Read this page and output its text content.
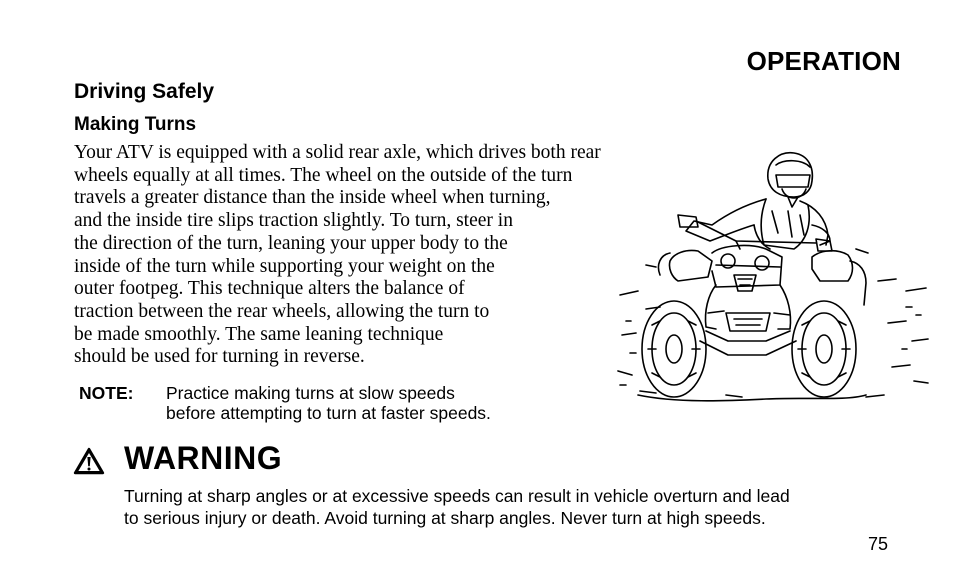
OPERATION
Driving Safely
Making Turns
Your ATV is equipped with a solid rear axle, which drives both rear
wheels equally at all times. The wheel on the outside of the turn
travels a greater distance than the inside wheel when turning,
and the inside tire slips traction slightly. To turn, steer in
the direction of the turn, leaning your upper body to the
inside of the turn while supporting your weight on the
outer footpeg. This technique alters the balance of
traction between the rear wheels, allowing the turn to
be made smoothly. The same leaning technique
should be used for turning in reverse.
NOTE: Practice making turns at slow speeds
before attempting to turn at faster speeds.
WARNING
Turning at sharp angles or at excessive speeds can result in vehicle overturn and lead
to serious injury or death. Avoid turning at sharp angles. Never turn at high speeds.
75
